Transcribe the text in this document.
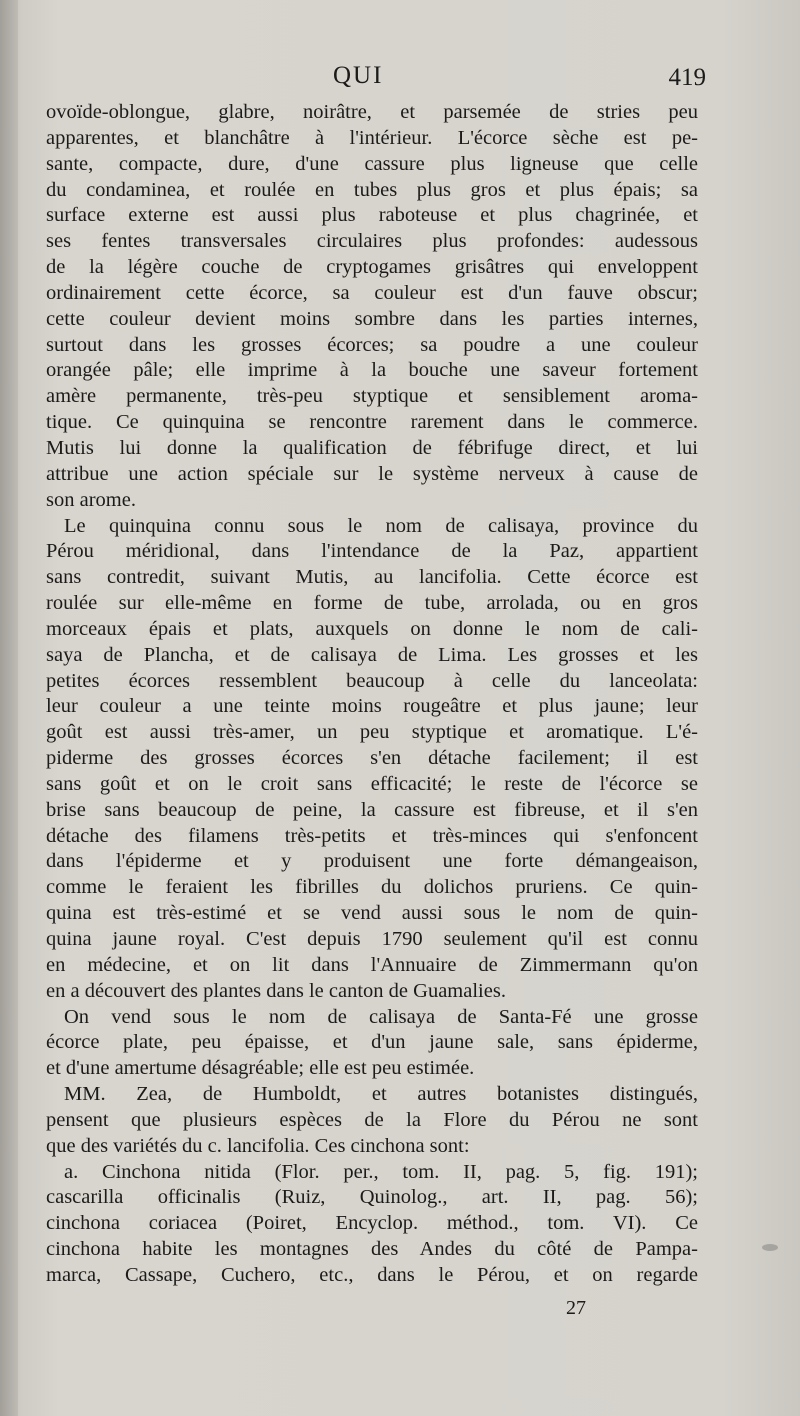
QUI	419
ovoïde-oblongue, glabre, noirâtre, et parsemée de stries peu
apparentes, et blanchâtre à l'intérieur. L'écorce sèche est pe-
sante, compacte, dure, d'une cassure plus ligneuse que celle
du condaminea, et roulée en tubes plus gros et plus épais; sa
surface externe est aussi plus raboteuse et plus chagrinée, et
ses fentes transversales circulaires plus profondes: audessous
de la légère couche de cryptogames grisâtres qui enveloppent
ordinairement cette écorce, sa couleur est d'un fauve obscur;
cette couleur devient moins sombre dans les parties internes,
surtout dans les grosses écorces; sa poudre a une couleur
orangée pâle; elle imprime à la bouche une saveur fortement
amère permanente, très-peu styptique et sensiblement aroma-
tique. Ce quinquina se rencontre rarement dans le commerce.
Mutis lui donne la qualification de fébrifuge direct, et lui
attribue une action spéciale sur le système nerveux à cause de
son arome.
Le quinquina connu sous le nom de calisaya, province du
Pérou méridional, dans l'intendance de la Paz, appartient
sans contredit, suivant Mutis, au lancifolia. Cette écorce est
roulée sur elle-même en forme de tube, arrolada, ou en gros
morceaux épais et plats, auxquels on donne le nom de cali-
saya de Plancha, et de calisaya de Lima. Les grosses et les
petites écorces ressemblent beaucoup à celle du lanceolata:
leur couleur a une teinte moins rougeâtre et plus jaune; leur
goût est aussi très-amer, un peu styptique et aromatique. L'é-
piderme des grosses écorces s'en détache facilement; il est
sans goût et on le croit sans efficacité; le reste de l'écorce se
brise sans beaucoup de peine, la cassure est fibreuse, et il s'en
détache des filamens très-petits et très-minces qui s'enfoncent
dans l'épiderme et y produisent une forte démangeaison,
comme le feraient les fibrilles du dolichos pruriens. Ce quin-
quina est très-estimé et se vend aussi sous le nom de quin-
quina jaune royal. C'est depuis 1790 seulement qu'il est connu
en médecine, et on lit dans l'Annuaire de Zimmermann qu'on
en a découvert des plantes dans le canton de Guamalies.
On vend sous le nom de calisaya de Santa-Fé une grosse
écorce plate, peu épaisse, et d'un jaune sale, sans épiderme,
et d'une amertume désagréable; elle est peu estimée.
MM. Zea, de Humboldt, et autres botanistes distingués,
pensent que plusieurs espèces de la Flore du Pérou ne sont
que des variétés du c. lancifolia. Ces cinchona sont:
a. Cinchona nitida (Flor. per., tom. II, pag. 5, fig. 191);
cascarilla officinalis (Ruiz, Quinolog., art. II, pag. 56);
cinchona coriacea (Poiret, Encyclop. méthod., tom. VI). Ce
cinchona habite les montagnes des Andes du côté de Pampa-
marca, Cassape, Cuchero, etc., dans le Pérou, et on regarde
27
